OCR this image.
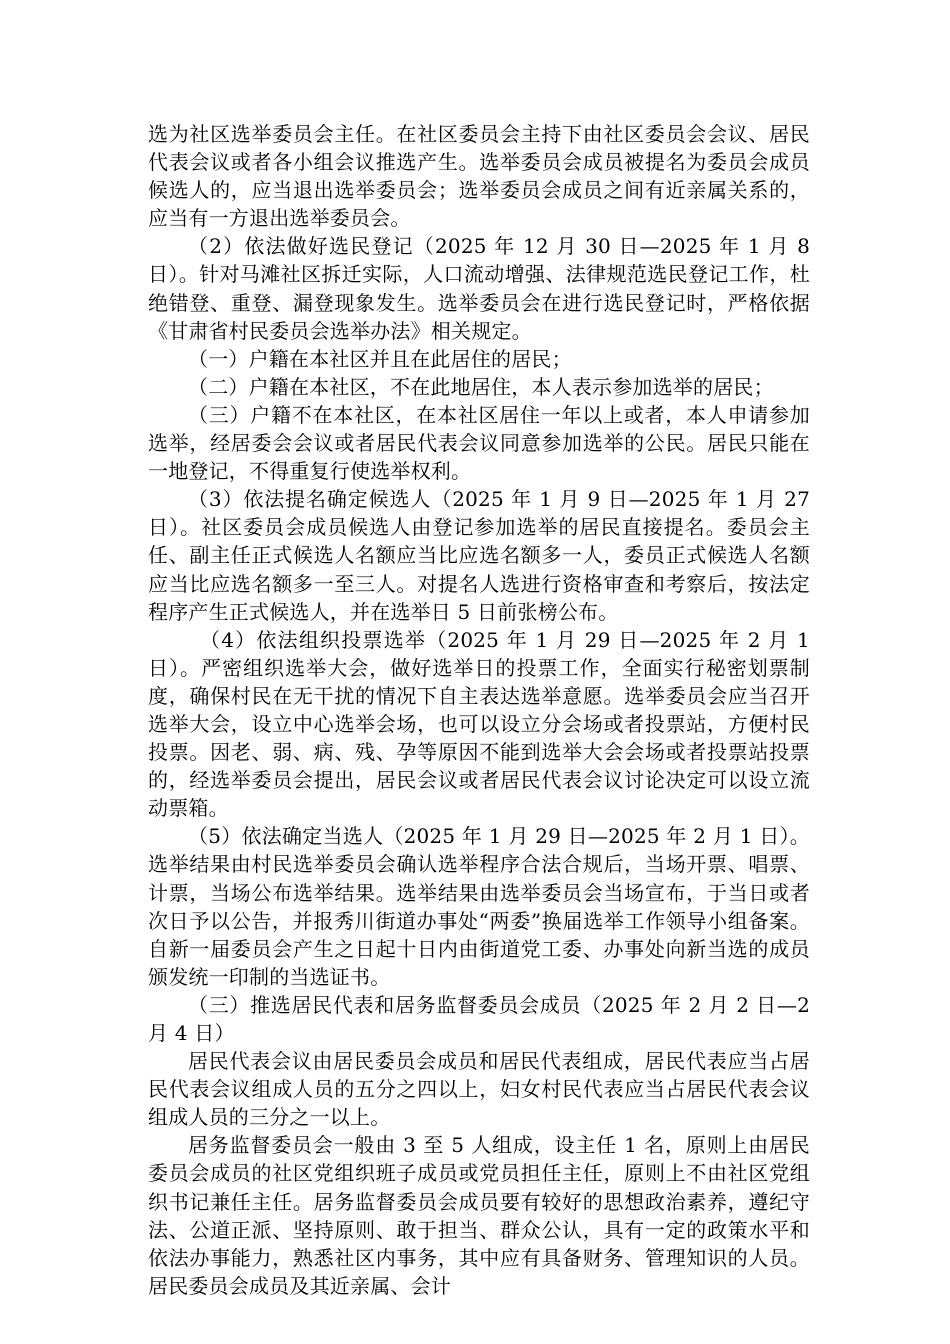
选为社区选举委员会主任。在社区委员会主持下由社区委员会会议、居民代表会议或者各小组会议推选产生。选举委员会成员被提名为委员会成员候选人的，应当退出选举委员会；选举委员会成员之间有近亲属关系的，应当有一方退出选举委员会。

（2）依法做好选民登记（2025 年 12 月 30 日—2025 年 1 月 8 日）。针对马滩社区拆迁实际，人口流动增强、法律规范选民登记工作，杜绝错登、重登、漏登现象发生。选举委员会在进行选民登记时，严格依据《甘肃省村民委员会选举办法》相关规定。

（一）户籍在本社区并且在此居住的居民；

（二）户籍在本社区，不在此地居住，本人表示参加选举的居民；

（三）户籍不在本社区，在本社区居住一年以上或者，本人申请参加选举，经居委会会议或者居民代表会议同意参加选举的公民。居民只能在一地登记，不得重复行使选举权利。

（3）依法提名确定候选人（2025 年 1 月 9 日—2025 年 1 月 27 日）。社区委员会成员候选人由登记参加选举的居民直接提名。委员会主任、副主任正式候选人名额应当比应选名额多一人，委员正式候选人名额应当比应选名额多一至三人。对提名人选进行资格审查和考察后，按法定程序产生正式候选人，并在选举日 5 日前张榜公布。

（4）依法组织投票选举（2025 年 1 月 29 日—2025 年 2 月 1 日）。严密组织选举大会，做好选举日的投票工作，全面实行秘密划票制度，确保村民在无干扰的情况下自主表达选举意愿。选举委员会应当召开选举大会，设立中心选举会场，也可以设立分会场或者投票站，方便村民投票。因老、弱、病、残、孕等原因不能到选举大会会场或者投票站投票的，经选举委员会提出，居民会议或者居民代表会议讨论决定可以设立流动票箱。

（5）依法确定当选人（2025 年 1 月 29 日—2025 年 2 月 1 日）。选举结果由村民选举委员会确认选举程序合法合规后，当场开票、唱票、计票，当场公布选举结果。选举结果由选举委员会当场宣布，于当日或者次日予以公告，并报秀川街道办事处“两委”换届选举工作领导小组备案。自新一届委员会产生之日起十日内由街道党工委、办事处向新当选的成员颁发统一印制的当选证书。

（三）推选居民代表和居务监督委员会成员（2025 年 2 月 2 日—2 月 4 日）

居民代表会议由居民委员会成员和居民代表组成，居民代表应当占居民代表会议组成人员的五分之四以上，妇女村民代表应当占居民代表会议组成人员的三分之一以上。

居务监督委员会一般由 3 至 5 人组成，设主任 1 名，原则上由居民委员会成员的社区党组织班子成员或党员担任主任，原则上不由社区党组织书记兼任主任。居务监督委员会成员要有较好的思想政治素养，遵纪守法、公道正派、坚持原则、敢于担当、群众公认，具有一定的政策水平和依法办事能力，熟悉社区内事务，其中应有具备财务、管理知识的人员。居民委员会成员及其近亲属、会计
